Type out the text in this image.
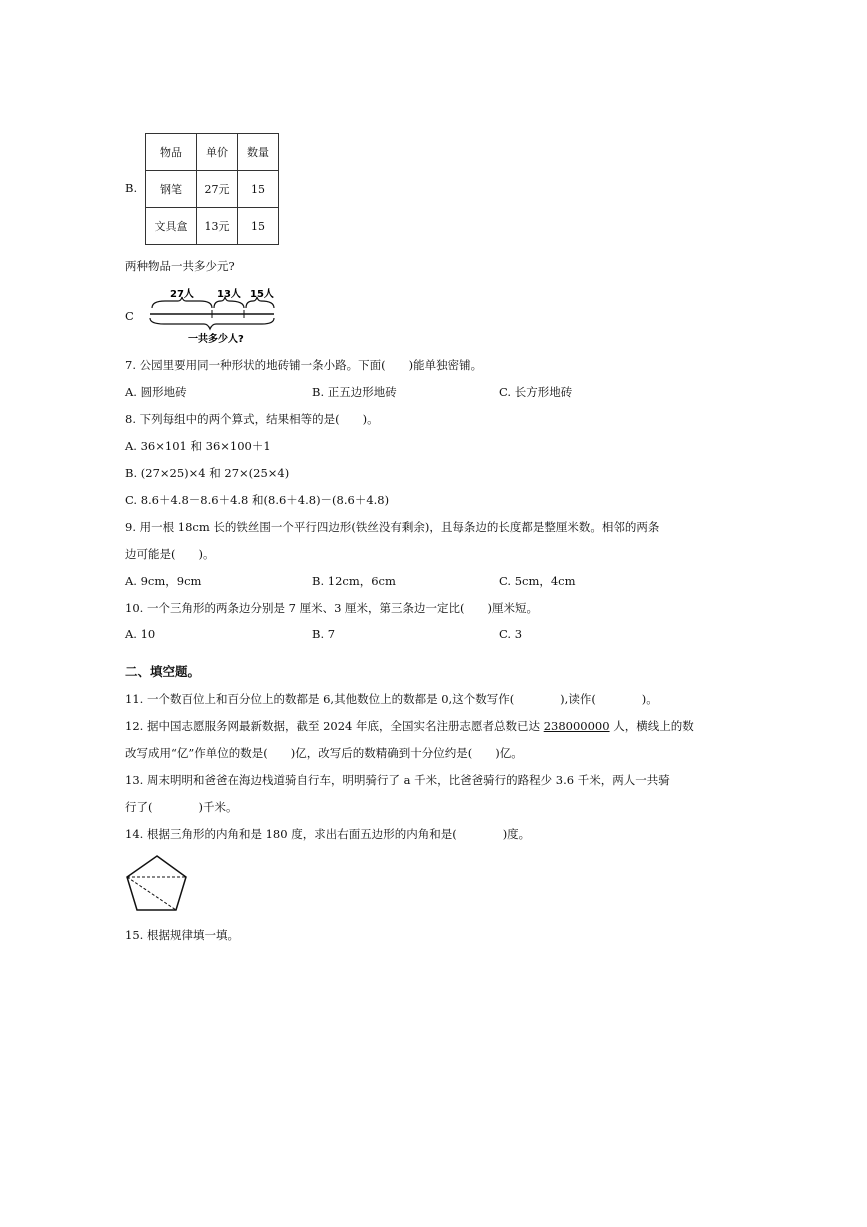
B.
物品	单价	数量
钢笔	27元	15
文具盒	13元	15
两种物品一共多少元?
C
27人 13人 15人
一共多少人?
7. 公园里要用同一种形状的地砖铺一条小路。下面(　　)能单独密铺。
A. 圆形地砖	B. 正五边形地砖	C. 长方形地砖
8. 下列每组中的两个算式，结果相等的是(　　)。
A. 36×101 和 36×100＋1
B. (27×25)×4 和 27×(25×4)
C. 8.6＋4.8－8.6＋4.8 和(8.6＋4.8)－(8.6＋4.8)
9. 用一根 18cm 长的铁丝围一个平行四边形(铁丝没有剩余)，且每条边的长度都是整厘米数。相邻的两条
边可能是(　　)。
A. 9cm，9cm	B. 12cm，6cm	C. 5cm，4cm
10. 一个三角形的两条边分别是 7 厘米、3 厘米，第三条边一定比(　　)厘米短。
A. 10	B. 7	C. 3
二、填空题。
11. 一个数百位上和百分位上的数都是 6,其他数位上的数都是 0,这个数写作(　　　　),读作(　　　　)。
12. 据中国志愿服务网最新数据，截至 2024 年底，全国实名注册志愿者总数已达 238000000 人，横线上的数
改写成用“亿”作单位的数是(　　)亿，改写后的数精确到十分位约是(　　)亿。
13. 周末明明和爸爸在海边栈道骑自行车，明明骑行了 a 千米，比爸爸骑行的路程少 3.6 千米，两人一共骑
行了(　　　　)千米。
14. 根据三角形的内角和是 180 度，求出右面五边形的内角和是(　　　　)度。
15. 根据规律填一填。
